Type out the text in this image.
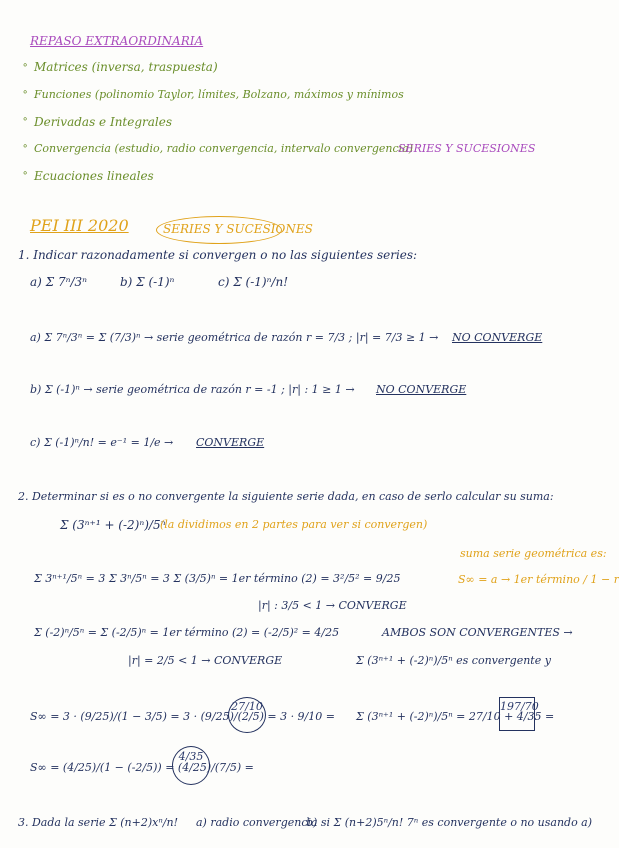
REPASO EXTRAORDINARIA
∘ Matrices (inversa, traspuesta)
∘ Funciones (polinomio Taylor, límites, Bolzano, máximos y mínimos
∘ Derivadas e Integrales
∘ Convergencia (estudio, radio convergencia, intervalo convergencia)
SERIES Y SUCESIONES
∘ Ecuaciones lineales
PEI III 2020	SERIES Y SUCESIONES
1. Indicar razonadamente si convergen o no las siguientes series:
a) Σ 7ⁿ/3ⁿ	b) Σ (-1)ⁿ	c) Σ (-1)ⁿ/n!
a) Σ 7ⁿ/3ⁿ = Σ (7/3)ⁿ → serie geométrica de razón r = 7/3 ; |r| = 7/3 ≥ 1 → NO CONVERGE
b) Σ (-1)ⁿ → serie geométrica de razón r = -1 ; |r| : 1 ≥ 1 → NO CONVERGE
c) Σ (-1)ⁿ/n! = e⁻¹ = 1/e → CONVERGE
2. Determinar si es o no convergente la siguiente serie dada, en caso de serlo calcular su suma:
Σ (3ⁿ⁺¹ + (-2)ⁿ)/5ⁿ
(la dividimos en 2 partes para ver si convergen)
suma serie geométrica es:
S∞ = a → 1er término / 1 − r
Σ 3ⁿ⁺¹/5ⁿ = 3 Σ 3ⁿ/5ⁿ = 3 Σ (3/5)ⁿ = 1er término (2) = 3²/5² = 9/25
|r| : 3/5 < 1 → CONVERGE
Σ (-2)ⁿ/5ⁿ = Σ (-2/5)ⁿ = 1er término (2) = (-2/5)² = 4/25
|r| = 2/5 < 1 → CONVERGE
AMBOS SON CONVERGENTES →
Σ (3ⁿ⁺¹ + (-2)ⁿ)/5ⁿ es convergente y
S∞ = 3 · (9/25)/(1 − 3/5) = 3 · (9/25)/(2/5) = 3 · 9/10 =
27/10
Σ (3ⁿ⁺¹ + (-2)ⁿ)/5ⁿ = 27/10 + 4/35 =
197/70
S∞ = (4/25)/(1 − (-2/5)) = (4/25)/(7/5) =
4/35
3. Dada la serie Σ (n+2)xⁿ/n! a) radio convergencia
b) si Σ (n+2)5ⁿ/n! 7ⁿ es convergente o no usando a)
